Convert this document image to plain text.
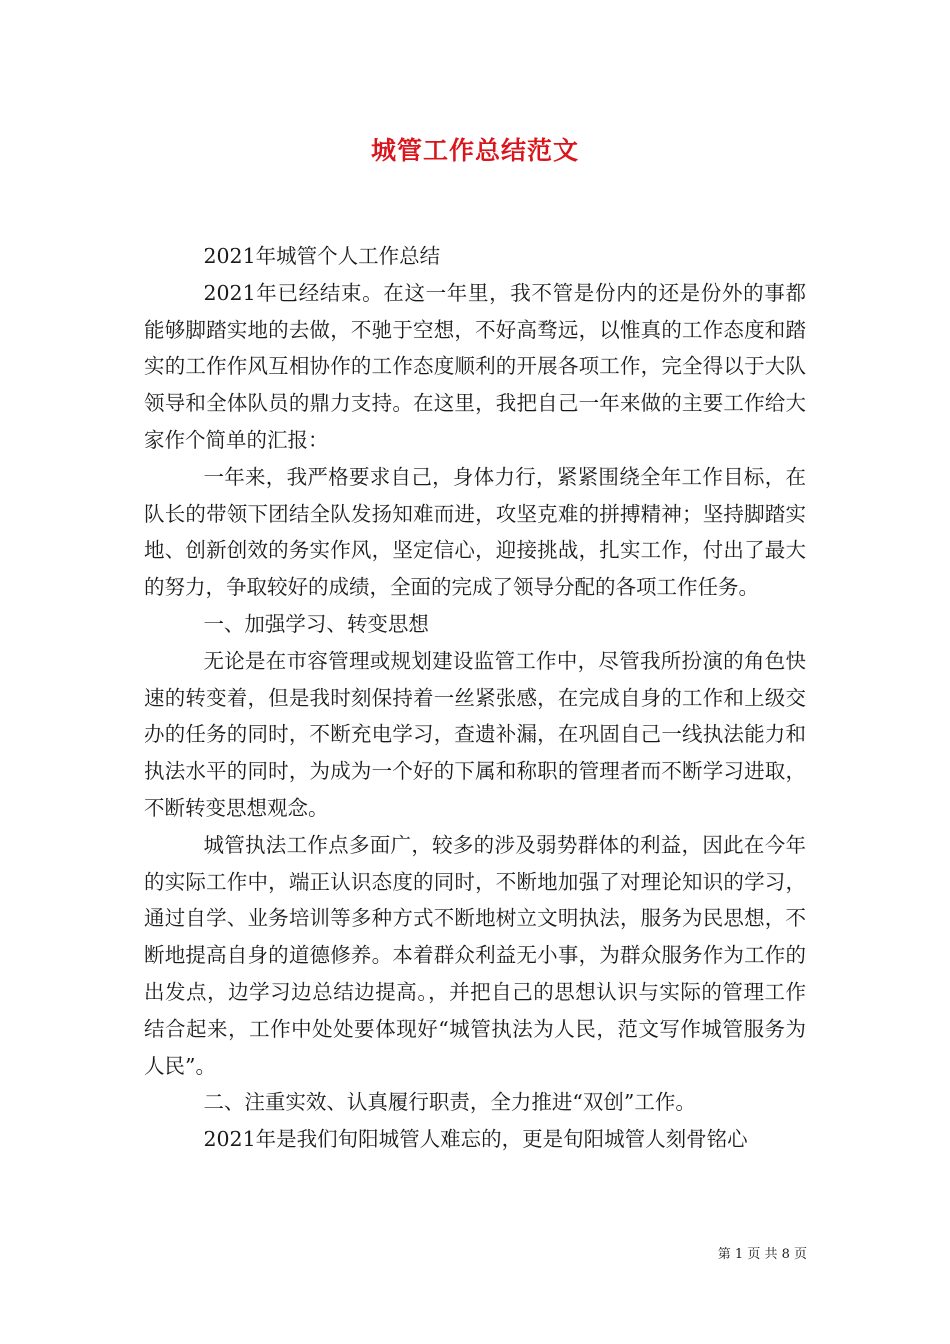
城管工作总结范文

2021年城管个人工作总结

2021年已经结束。在这一年里，我不管是份内的还是份外的事都能够脚踏实地的去做，不驰于空想，不好高骛远，以惟真的工作态度和踏实的工作作风互相协作的工作态度顺利的开展各项工作，完全得以于大队领导和全体队员的鼎力支持。在这里，我把自己一年来做的主要工作给大家作个简单的汇报：

一年来，我严格要求自己，身体力行，紧紧围绕全年工作目标，在队长的带领下团结全队发扬知难而进，攻坚克难的拼搏精神；坚持脚踏实地、创新创效的务实作风，坚定信心，迎接挑战，扎实工作，付出了最大的努力，争取较好的成绩，全面的完成了领导分配的各项工作任务。

一、加强学习、转变思想

无论是在市容管理或规划建设监管工作中，尽管我所扮演的角色快速的转变着，但是我时刻保持着一丝紧张感，在完成自身的工作和上级交办的任务的同时，不断充电学习，查遗补漏，在巩固自己一线执法能力和执法水平的同时，为成为一个好的下属和称职的管理者而不断学习进取，不断转变思想观念。

城管执法工作点多面广，较多的涉及弱势群体的利益，因此在今年的实际工作中，端正认识态度的同时，不断地加强了对理论知识的学习，通过自学、业务培训等多种方式不断地树立文明执法，服务为民思想，不断地提高自身的道德修养。本着群众利益无小事，为群众服务作为工作的出发点，边学习边总结边提高。，并把自己的思想认识与实际的管理工作结合起来，工作中处处要体现好“城管执法为人民，范文写作城管服务为人民”。

二、注重实效、认真履行职责，全力推进“双创”工作。

2021年是我们旬阳城管人难忘的，更是旬阳城管人刻骨铭心

第 1 页 共 8 页
